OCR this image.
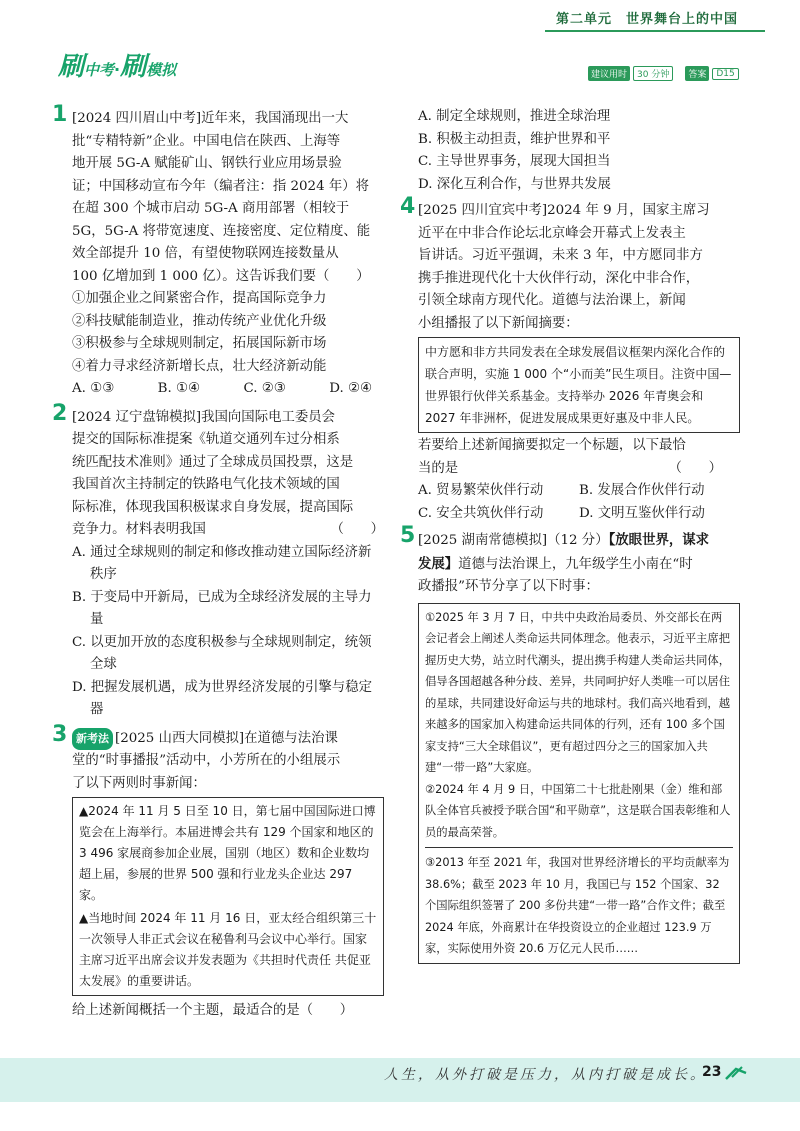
第二单元　世界舞台上的中国
刷中考·刷模拟	建议用时	30 分钟	答案	D15
1 [2024 四川眉山中考]近年来，我国涌现出一大
批“专精特新”企业。中国电信在陕西、上海等
地开展 5G-A 赋能矿山、钢铁行业应用场景验
证；中国移动宣布今年（编者注：指 2024 年）将
在超 300 个城市启动 5G-A 商用部署（相较于
5G，5G-A 将带宽速度、连接密度、定位精度、能
效全部提升 10 倍，有望使物联网连接数量从
100 亿增加到 1 000 亿）。这告诉我们要（　　）
①加强企业之间紧密合作，提高国际竞争力
②科技赋能制造业，推动传统产业优化升级
③积极参与全球规则制定，拓展国际新市场
④着力寻求经济新增长点，壮大经济新动能
A. ①③	B. ①④	C. ②③	D. ②④
2 [2024 辽宁盘锦模拟]我国向国际电工委员会
提交的国际标准提案《轨道交通列车过分相系
统匹配技术准则》通过了全球成员国投票，这是
我国首次主持制定的铁路电气化技术领域的国
际标准，体现我国积极谋求自身发展，提高国际
竞争力。材料表明我国	（　　）
A. 通过全球规则的制定和修改推动建立国际经济新秩序
B. 于变局中开新局，已成为全球经济发展的主导力量
C. 以更加开放的态度积极参与全球规则制定，统领全球
D. 把握发展机遇，成为世界经济发展的引擎与稳定器
3 新考法 [2025 山西大同模拟]在道德与法治课
堂的“时事播报”活动中，小芳所在的小组展示
了以下两则时事新闻：

▲2024 年 11 月 5 日至 10 日，第七届中国国际进口博览会在上海举行。本届进博会共有 129 个国家和地区的 3 496 家展商参加企业展，国别（地区）数和企业数均超上届，参展的世界 500 强和行业龙头企业达 297 家。

▲当地时间 2024 年 11 月 16 日，亚太经合组织第三十一次领导人非正式会议在秘鲁利马会议中心举行。国家主席习近平出席会议并发表题为《共担时代责任 共促亚太发展》的重要讲话。

给上述新闻概括一个主题，最适合的是（　　）
A. 制定全球规则，推进全球治理
B. 积极主动担责，维护世界和平
C. 主导世界事务，展现大国担当
D. 深化互利合作，与世界共发展
4 [2025 四川宜宾中考]2024 年 9 月，国家主席习
近平在中非合作论坛北京峰会开幕式上发表主
旨讲话。习近平强调，未来 3 年，中方愿同非方
携手推进现代化十大伙伴行动，深化中非合作，
引领全球南方现代化。道德与法治课上，新闻
小组播报了以下新闻摘要：

中方愿和非方共同发表在全球发展倡议框架内深化合作的联合声明，实施 1 000 个“小而美”民生项目。注资中国—世界银行伙伴关系基金。支持举办 2026 年青奥会和 2027 年非洲杯，促进发展成果更好惠及中非人民。

若要给上述新闻摘要拟定一个标题，以下最恰
当的是	（　　）
A. 贸易繁荣伙伴行动	B. 发展合作伙伴行动
C. 安全共筑伙伴行动	D. 文明互鉴伙伴行动
5 [2025 湖南常德模拟]（12 分）【放眼世界，谋求
发展】道德与法治课上，九年级学生小南在“时
政播报”环节分享了以下时事：

①2025 年 3 月 7 日，中共中央政治局委员、外交部长在两会记者会上阐述人类命运共同体理念。他表示，习近平主席把握历史大势，站立时代潮头，提出携手构建人类命运共同体，倡导各国超越各种分歧、差异，共同呵护好人类唯一可以居住的星球，共同建设好命运与共的地球村。我们高兴地看到，越来越多的国家加入构建命运共同体的行列，还有 100 多个国家支持“三大全球倡议”，更有超过四分之三的国家加入共建“一带一路”大家庭。

②2024 年 4 月 9 日，中国第二十七批赴刚果（金）维和部队全体官兵被授予联合国“和平勋章”，这是联合国表彰维和人员的最高荣誉。

③2013 年至 2021 年，我国对世界经济增长的平均贡献率为 38.6%；截至 2023 年 10 月，我国已与 152 个国家、32 个国际组织签署了 200 多份共建“一带一路”合作文件；截至 2024 年底，外商累计在华投资设立的企业超过 123.9 万家，实际使用外资 20.6 万亿元人民币……

人生，从外打破是压力，从内打破是成长。
23
